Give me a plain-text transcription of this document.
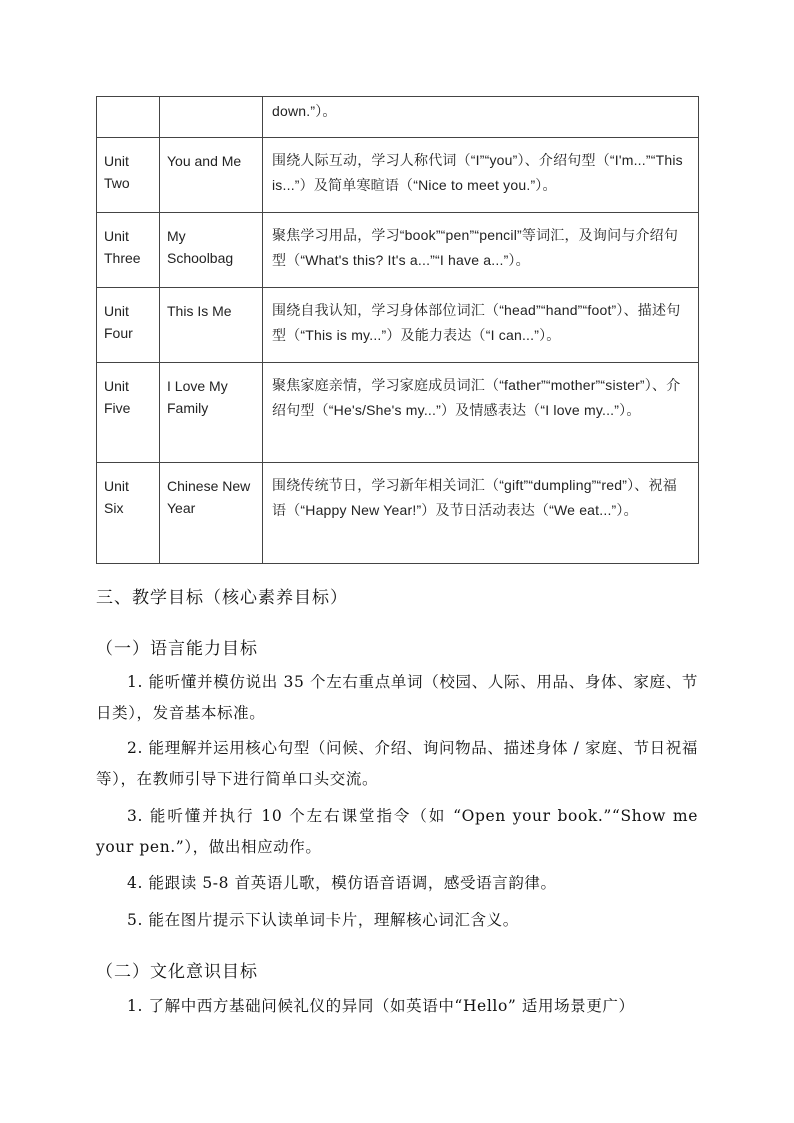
		down.”）。

Unit Two	You and Me	围绕人际互动，学习人称代词（“I”“you”）、介绍句型（“I'm...”“This is...”）及简单寒暄语（“Nice to meet you.”）。

Unit Three	My Schoolbag	聚焦学习用品，学习“book”“pen”“pencil”等词汇，及询问与介绍句型（“What's this? It's a...”“I have a...”）。

Unit Four	This Is Me	围绕自我认知，学习身体部位词汇（“head”“hand”“foot”）、描述句型（“This is my...”）及能力表达（“I can...”）。

Unit Five	I Love My Family	聚焦家庭亲情，学习家庭成员词汇（“father”“mother”“sister”）、介绍句型（“He's/She's my...”）及情感表达（“I love my...”）。

Unit Six	Chinese New Year	围绕传统节日，学习新年相关词汇（“gift”“dumpling”“red”）、祝福语（“Happy New Year!”）及节日活动表达（“We eat...”）。
三、教学目标（核心素养目标）
（一）语言能力目标

1. 能听懂并模仿说出 35 个左右重点单词（校园、人际、用品、身体、家庭、节日类），发音基本标准。

2. 能理解并运用核心句型（问候、介绍、询问物品、描述身体 / 家庭、节日祝福等），在教师引导下进行简单口头交流。

3. 能听懂并执行 10 个左右课堂指令（如 “Open your book.”“Show me your pen.”），做出相应动作。

4. 能跟读 5-8 首英语儿歌，模仿语音语调，感受语言韵律。

5. 能在图片提示下认读单词卡片，理解核心词汇含义。

（二）文化意识目标

1. 了解中西方基础问候礼仪的异同（如英语中“Hello” 适用场景更广）
